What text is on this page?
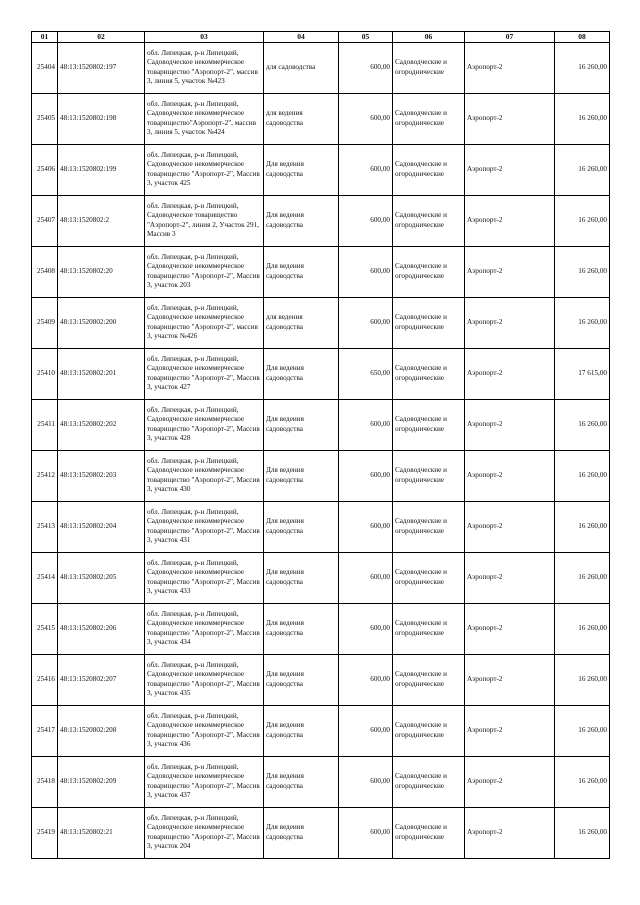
01	02	03	04	05	06	07	08

25404	48:13:1520802:197	обл. Липецкая, р-н Липецкий, Садоводческое некоммерческое товарищество "Аэропорт-2", массив 3, линия 5, участок №423	для садоводства	600,00	Садоводческие и огороднические	Аэропорт-2	16 260,00

25405	48:13:1520802:198	обл. Липецкая, р-н Липецкий, Садоводческое некоммерческое товарищество"Аэропорт-2", массив 3, линия 5, участок №424	для ведения садоводства	600,00	Садоводческие и огороднические	Аэропорт-2	16 260,00

25406	48:13:1520802:199	обл. Липецкая, р-н Липецкий, Садоводческое некоммерческое товарищество "Аэропорт-2", Массив 3, участок 425	Для ведения садоводства	600,00	Садоводческие и огороднические	Аэропорт-2	16 260,00

25407	48:13:1520802:2	обл. Липецкая, р-н Липецкий, Садоводческое товарищество "Аэропорт-2", линия 2, Участок 291, Массив 3	Для ведения садоводства	600,00	Садоводческие и огороднические	Аэропорт-2	16 260,00

25408	48:13:1520802:20	обл. Липецкая, р-н Липецкий, Садоводческое некоммерческое товарищество "Аэропорт-2", Массив 3, участок 203	Для ведения садоводства	600,00	Садоводческие и огороднические	Аэропорт-2	16 260,00

25409	48:13:1520802:200	обл. Липецкая, р-н Липецкий, Садоводческое некоммерческое товарищество "Аэропорт-2", массив 3, участок №426	для ведения садоводства	600,00	Садоводческие и огороднические	Аэропорт-2	16 260,00

25410	48:13:1520802:201	обл. Липецкая, р-н Липецкий, Садоводческое некоммерческое товарищество "Аэропорт-2", Массив 3, участок 427	Для ведения садоводства	650,00	Садоводческие и огороднические	Аэропорт-2	17 615,00

25411	48:13:1520802:202	обл. Липецкая, р-н Липецкий, Садоводческое некоммерческое товарищество "Аэропорт-2", Массив 3, участок 428	Для ведения садоводства	600,00	Садоводческие и огороднические	Аэропорт-2	16 260,00

25412	48:13:1520802:203	обл. Липецкая, р-н Липецкий, Садоводческое некоммерческое товарищество "Аэропорт-2", Массив 3, участок 430	Для ведения садоводства	600,00	Садоводческие и огороднические	Аэропорт-2	16 260,00

25413	48:13:1520802:204	обл. Липецкая, р-н Липецкий, Садоводческое некоммерческое товарищество "Аэропорт-2", Массив 3, участок 431	Для ведения садоводства	600,00	Садоводческие и огороднические	Аэропорт-2	16 260,00

25414	48:13:1520802:205	обл. Липецкая, р-н Липецкий, Садоводческое некоммерческое товарищество "Аэропорт-2", Массив 3, участок 433	Для ведения садоводства	600,00	Садоводческие и огороднические	Аэропорт-2	16 260,00

25415	48:13:1520802:206	обл. Липецкая, р-н Липецкий, Садоводческое некоммерческое товарищество "Аэропорт-2", Массив 3, участок 434	Для ведения садоводства	600,00	Садоводческие и огороднические	Аэропорт-2	16 260,00

25416	48:13:1520802:207	обл. Липецкая, р-н Липецкий, Садоводческое некоммерческое товарищество "Аэропорт-2", Массив 3, участок 435	Для ведения садоводства	600,00	Садоводческие и огороднические	Аэропорт-2	16 260,00

25417	48:13:1520802:208	обл. Липецкая, р-н Липецкий, Садоводческое некоммерческое товарищество "Аэропорт-2", Массив 3, участок 436	Для ведения садоводства	600,00	Садоводческие и огороднические	Аэропорт-2	16 260,00

25418	48:13:1520802:209	обл. Липецкая, р-н Липецкий, Садоводческое некоммерческое товарищество "Аэропорт-2", Массив 3, участок 437	Для ведения садоводства	600,00	Садоводческие и огороднические	Аэропорт-2	16 260,00

25419	48:13:1520802:21	обл. Липецкая, р-н Липецкий, Садоводческое некоммерческое товарищество "Аэропорт-2", Массив 3, участок 204	Для ведения садоводства	600,00	Садоводческие и огороднические	Аэропорт-2	16 260,00
